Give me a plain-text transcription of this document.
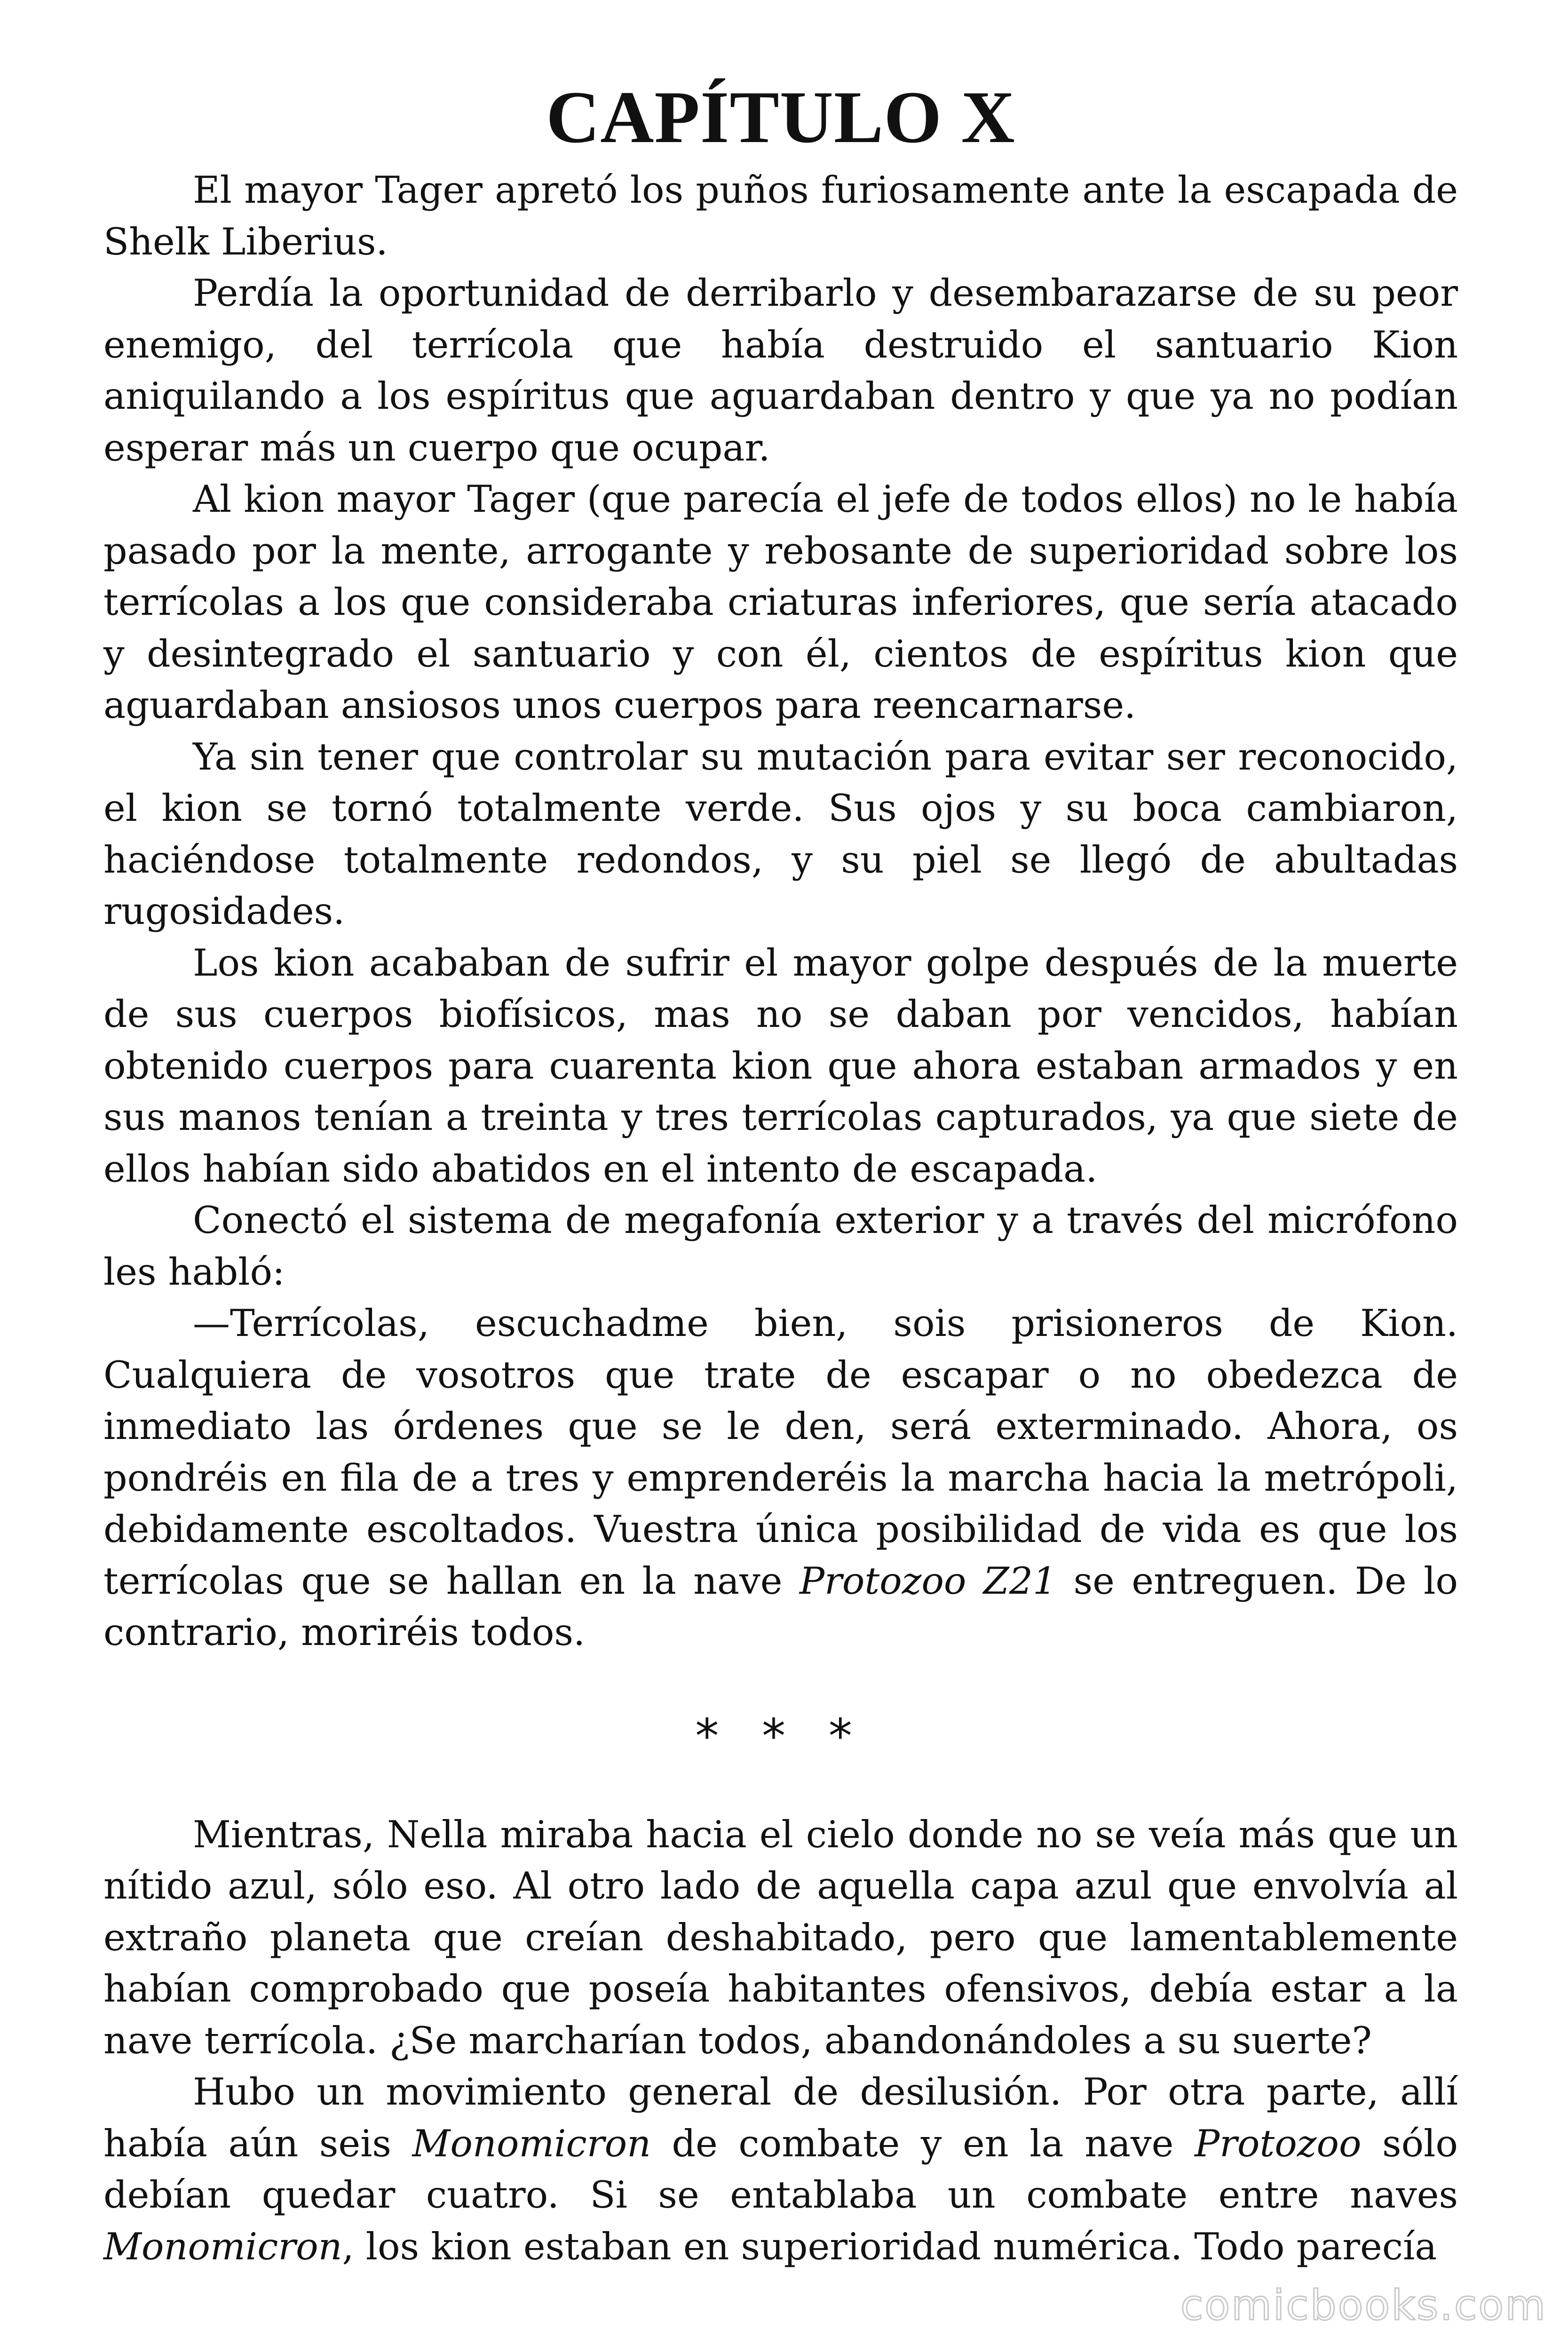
CAPÍTULO X

El mayor Tager apretó los puños furiosamente ante la escapada de Shelk Liberius.

Perdía la oportunidad de derribarlo y desembarazarse de su peor enemigo, del terrícola que había destruido el santuario Kion aniquilando a los espíritus que aguardaban dentro y que ya no podían esperar más un cuerpo que ocupar.

Al kion mayor Tager (que parecía el jefe de todos ellos) no le había pasado por la mente, arrogante y rebosante de superioridad sobre los terrícolas a los que consideraba criaturas inferiores, que sería atacado y desintegrado el santuario y con él, cientos de espíritus kion que aguardaban ansiosos unos cuerpos para reencarnarse.

Ya sin tener que controlar su mutación para evitar ser reconocido, el kion se tornó totalmente verde. Sus ojos y su boca cambiaron, haciéndose totalmente redondos, y su piel se llegó de abultadas rugosidades.

Los kion acababan de sufrir el mayor golpe después de la muerte de sus cuerpos biofísicos, mas no se daban por vencidos, habían obtenido cuerpos para cuarenta kion que ahora estaban armados y en sus manos tenían a treinta y tres terrícolas capturados, ya que siete de ellos habían sido abatidos en el intento de escapada.

Conectó el sistema de megafonía exterior y a través del micrófono les habló:

—Terrícolas, escuchadme bien, sois prisioneros de Kion. Cualquiera de vosotros que trate de escapar o no obedezca de inmediato las órdenes que se le den, será exterminado. Ahora, os pondréis en fila de a tres y emprenderéis la marcha hacia la metrópoli, debidamente escoltados. Vuestra única posibilidad de vida es que los terrícolas que se hallan en la nave Protozoo Z21 se entreguen. De lo contrario, moriréis todos.

* * *

Mientras, Nella miraba hacia el cielo donde no se veía más que un nítido azul, sólo eso. Al otro lado de aquella capa azul que envolvía al extraño planeta que creían deshabitado, pero que lamentablemente habían comprobado que poseía habitantes ofensivos, debía estar a la nave terrícola. ¿Se marcharían todos, abandonándoles a su suerte?

Hubo un movimiento general de desilusión. Por otra parte, allí había aún seis Monomicron de combate y en la nave Protozoo sólo debían quedar cuatro. Si se entablaba un combate entre naves Monomicron, los kion estaban en superioridad numérica. Todo parecía

comicbooks.com
